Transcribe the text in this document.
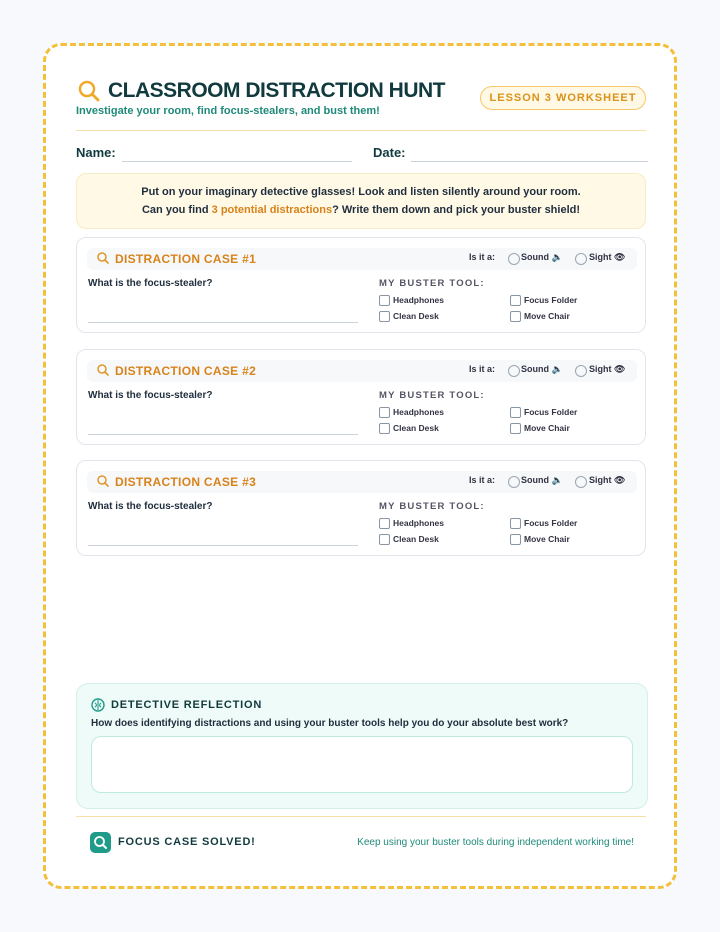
CLASSROOM DISTRACTION HUNT
Investigate your room, find focus-stealers, and bust them!
LESSON 3 WORKSHEET
Name:	Date:
Put on your imaginary detective glasses! Look and listen silently around your room.
Can you find 3 potential distractions? Write them down and pick your buster shield!
DISTRACTION CASE #1	Is it a:	Sound 🔈	Sight 👁
What is the focus-stealer?	MY BUSTER TOOL:
Headphones	Focus Folder
Clean Desk	Move Chair
DISTRACTION CASE #2	Is it a:	Sound 🔈	Sight 👁
What is the focus-stealer?	MY BUSTER TOOL:
Headphones	Focus Folder
Clean Desk	Move Chair
DISTRACTION CASE #3	Is it a:	Sound 🔈	Sight 👁
What is the focus-stealer?	MY BUSTER TOOL:
Headphones	Focus Folder
Clean Desk	Move Chair
DETECTIVE REFLECTION
How does identifying distractions and using your buster tools help you do your absolute best work?
FOCUS CASE SOLVED!	Keep using your buster tools during independent working time!
